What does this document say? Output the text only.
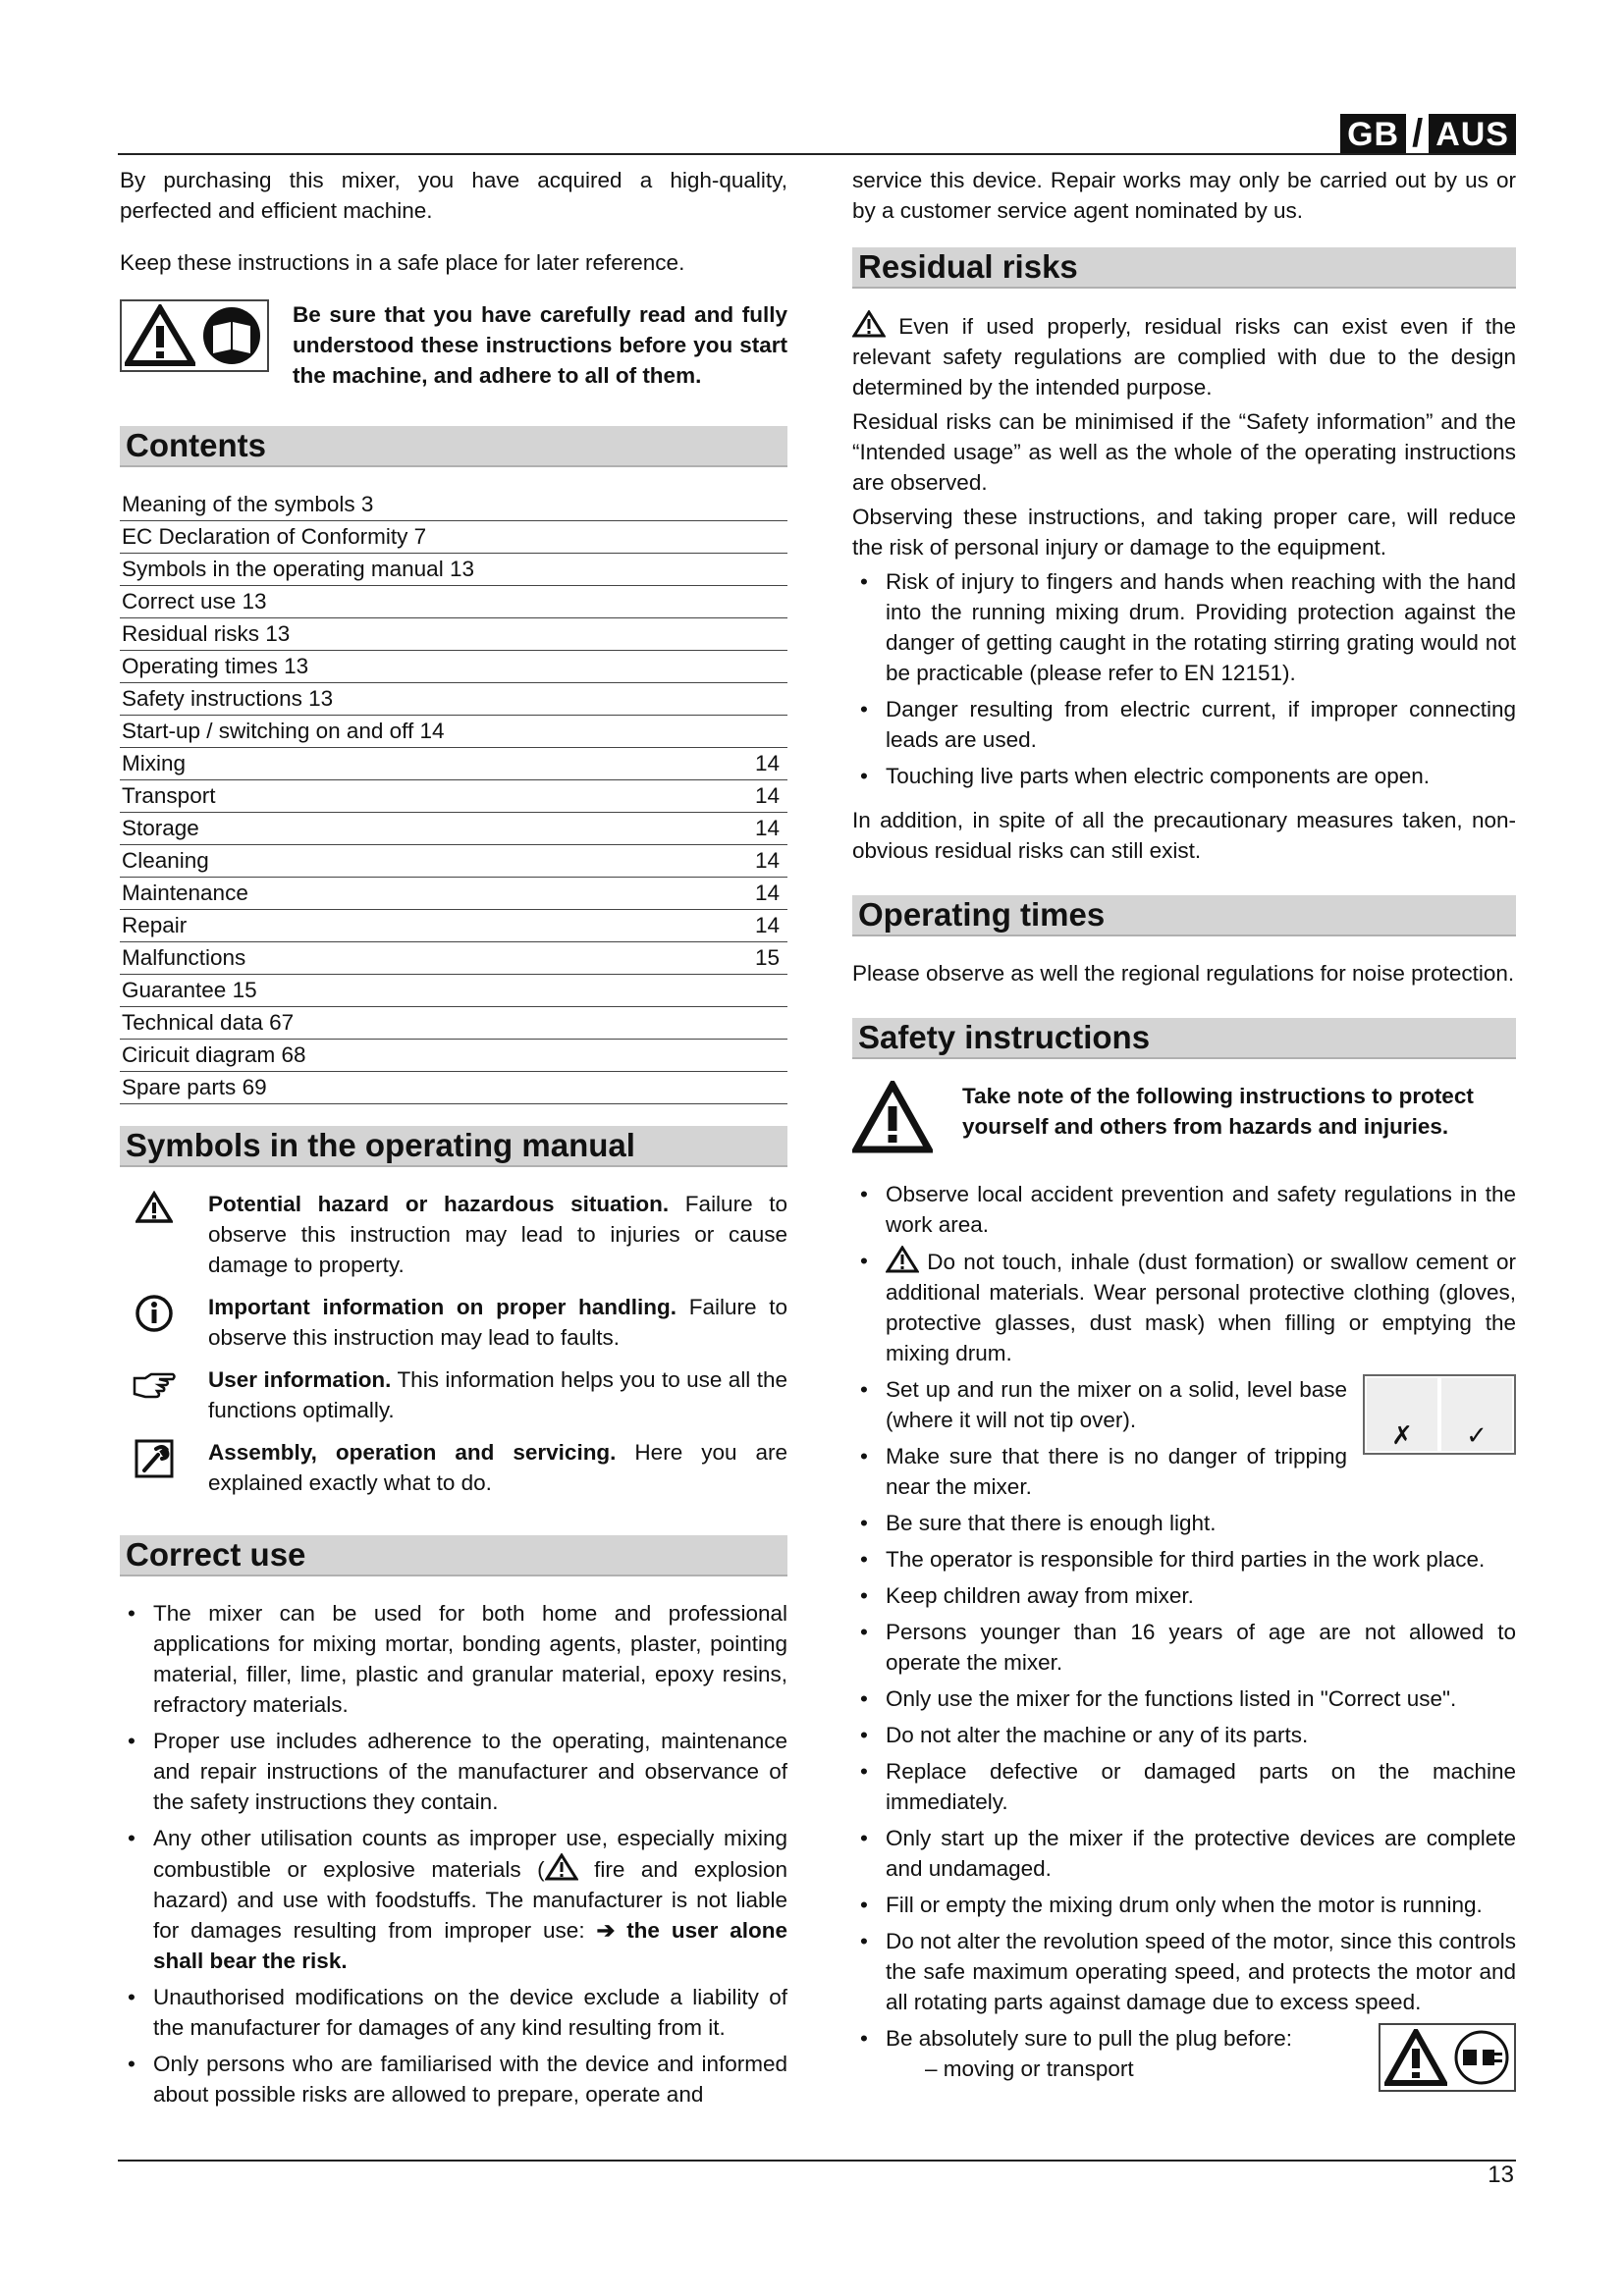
GB / AUS

By purchasing this mixer, you have acquired a high-quality, perfected and efficient machine.

Keep these instructions in a safe place for later reference.

Be sure that you have carefully read and fully understood these instructions before you start the machine, and adhere to all of them.
Contents
Meaning of the symbols 3
EC Declaration of Conformity 7
Symbols in the operating manual 13
Correct use 13
Residual risks 13
Operating times 13
Safety instructions 13
Start-up / switching on and off 14
Mixing	14
Transport	14
Storage	14
Cleaning	14
Maintenance	14
Repair	14
Malfunctions	15
Guarantee 15
Technical data 67
Ciricuit diagram 68
Spare parts 69
Symbols in the operating manual
Potential hazard or hazardous situation. Failure to observe this instruction may lead to injuries or cause damage to property.
Important information on proper handling. Failure to observe this instruction may lead to faults.
User information. This information helps you to use all the functions optimally.
Assembly, operation and servicing. Here you are explained exactly what to do.
Correct use
• The mixer can be used for both home and professional applications for mixing mortar, bonding agents, plaster, pointing material, filler, lime, plastic and granular material, epoxy resins, refractory materials.
• Proper use includes adherence to the operating, maintenance and repair instructions of the manufacturer and observance of the safety instructions they contain.
• Any other utilisation counts as improper use, especially mixing combustible or explosive materials ( fire and explosion hazard) and use with foodstuffs. The manufacturer is not liable for damages resulting from improper use: ➔ the user alone shall bear the risk.
• Unauthorised modifications on the device exclude a liability of the manufacturer for damages of any kind resulting from it.
• Only persons who are familiarised with the device and informed about possible risks are allowed to prepare, operate and

service this device. Repair works may only be carried out by us or by a customer service agent nominated by us.

Residual risks

Even if used properly, residual risks can exist even if the relevant safety regulations are complied with due to the design determined by the intended purpose.

Residual risks can be minimised if the “Safety information” and the “Intended usage” as well as the whole of the operating instructions are observed.

Observing these instructions, and taking proper care, will reduce the risk of personal injury or damage to the equipment.

• Risk of injury to fingers and hands when reaching with the hand into the running mixing drum. Providing protection against the danger of getting caught in the rotating stirring grating would not be practicable (please refer to EN 12151).
• Danger resulting from electric current, if improper connecting leads are used.
• Touching live parts when electric components are open.

In addition, in spite of all the precautionary measures taken, non-obvious residual risks can still exist.

Operating times

Please observe as well the regional regulations for noise protection.

Safety instructions
Take note of the following instructions to protect yourself and others from hazards and injuries.
• Observe local accident prevention and safety regulations in the work area.
• Do not touch, inhale (dust formation) or swallow cement or additional materials. Wear personal protective clothing (gloves, protective glasses, dust mask) when filling or emptying the mixing drum.
• ✗	✓
Set up and run the mixer on a solid, level base (where it will not tip over).
• Make sure that there is no danger of tripping near the mixer.
• Be sure that there is enough light.
• The operator is responsible for third parties in the work place.
• Keep children away from mixer.
• Persons younger than 16 years of age are not allowed to operate the mixer.
• Only use the mixer for the functions listed in "Correct use".
• Do not alter the machine or any of its parts.
• Replace defective or damaged parts on the machine immediately.
• Only start up the mixer if the protective devices are complete and undamaged.
• Fill or empty the mixing drum only when the motor is running.
• Do not alter the revolution speed of the motor, since this controls the safe maximum operating speed, and protects the motor and all rotating parts against damage due to excess speed.
• Be absolutely sure to pull the plug before:
– moving or transport
13
